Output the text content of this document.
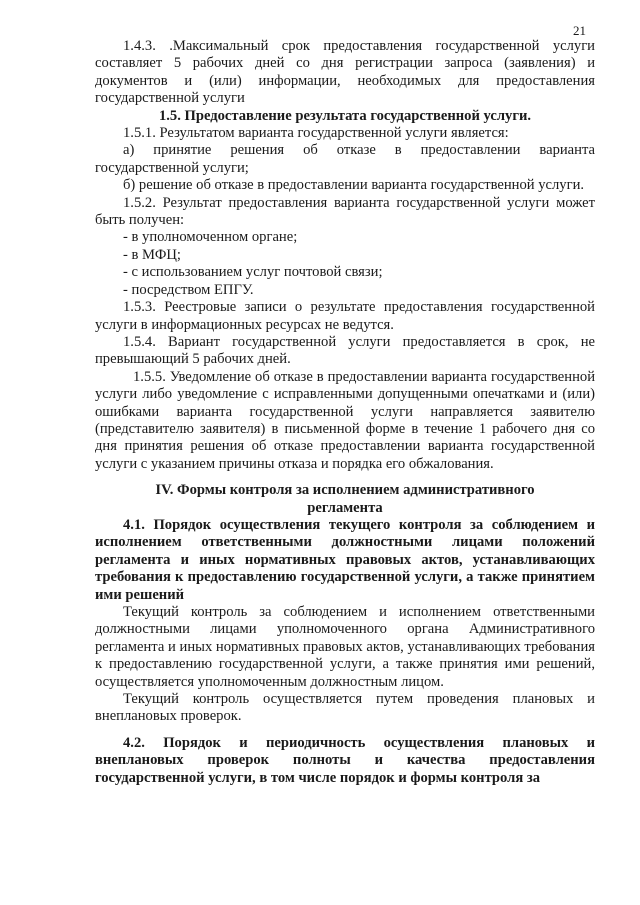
21

1.4.3. .Максимальный срок предоставления государственной услуги составляет 5 рабочих дней со дня регистрации запроса (заявления) и документов и (или) информации, необходимых для предоставления государственной услуги

1.5. Предоставление результата государственной услуги.

1.5.1. Результатом варианта государственной услуги является:

а) принятие решения об отказе в предоставлении варианта государственной услуги;

б) решение об отказе в предоставлении варианта государственной услуги.

1.5.2. Результат предоставления варианта государственной услуги может быть получен:

- в уполномоченном органе;
- в МФЦ;
- с использованием услуг почтовой связи;
- посредством ЕПГУ.

1.5.3. Реестровые записи о результате предоставления государственной услуги в информационных ресурсах не ведутся.

1.5.4. Вариант государственной услуги предоставляется в срок, не превышающий 5 рабочих дней.

1.5.5. Уведомление об отказе в предоставлении варианта государственной услуги либо уведомление с исправленными допущенными опечатками и (или) ошибками варианта государственной услуги направляется заявителю (представителю заявителя) в письменной форме в течение 1 рабочего дня со дня принятия решения об отказе предоставлении варианта государственной услуги с указанием причины отказа и порядка его обжалования.

IV. Формы контроля за исполнением административного регламента

4.1. Порядок осуществления текущего контроля за соблюдением и исполнением ответственными должностными лицами положений регламента и иных нормативных правовых актов, устанавливающих требования к предоставлению государственной услуги, а также принятием ими решений

Текущий контроль за соблюдением и исполнением ответственными должностными лицами уполномоченного органа Административного регламента и иных нормативных правовых актов, устанавливающих требования к предоставлению государственной услуги, а также принятия ими решений, осуществляется уполномоченным должностным лицом.

Текущий контроль осуществляется путем проведения плановых и внеплановых проверок.

4.2. Порядок и периодичность осуществления плановых и внеплановых проверок полноты и качества предоставления государственной услуги, в том числе порядок и формы контроля за
